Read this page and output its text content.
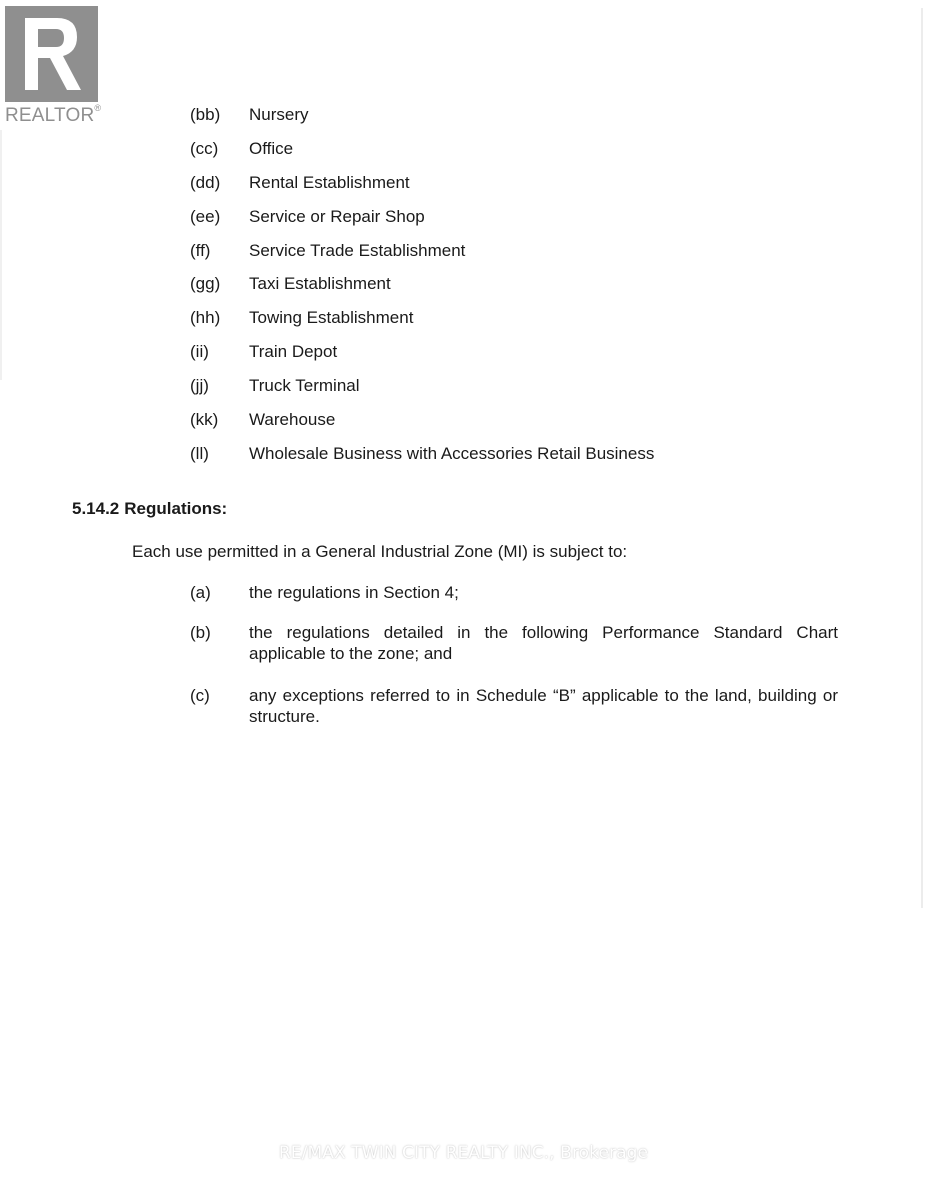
REALTOR®	(bb)	Nursery
(cc)	Office
(dd)	Rental Establishment
(ee)	Service or Repair Shop
(ff)	Service Trade Establishment
(gg)	Taxi Establishment
(hh)	Towing Establishment
(ii)	Train Depot
(jj)	Truck Terminal
(kk)	Warehouse
(ll)	Wholesale Business with Accessories Retail Business
5.14.2 Regulations:

Each use permitted in a General Industrial Zone (MI) is subject to:

(a)	the regulations in Section 4;
(b)	the regulations detailed in the following Performance Standard Chart applicable to the zone; and
(c)	any exceptions referred to in Schedule “B” applicable to the land, building or structure.
RE/MAX TWIN CITY REALTY INC., Brokerage
